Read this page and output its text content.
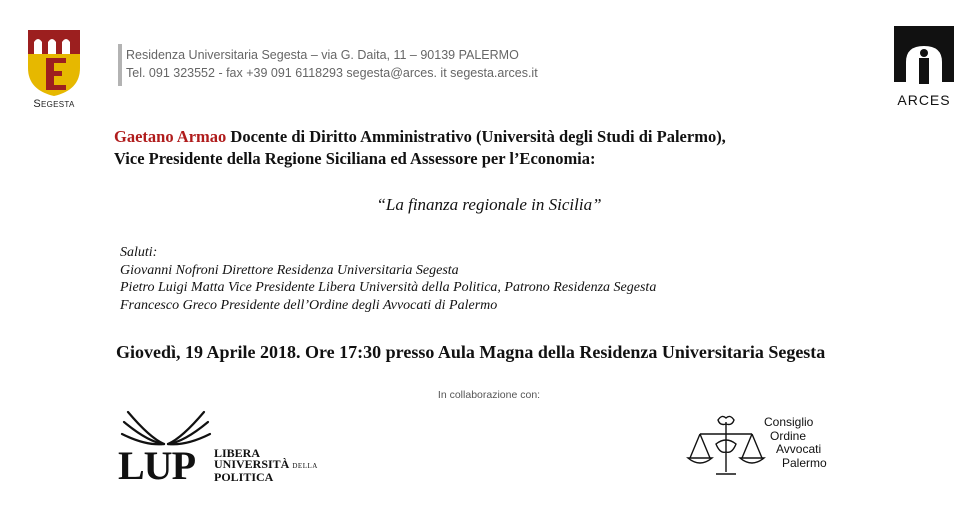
Segesta
Residenza Universitaria Segesta – via G. Daita, 11 – 90139 PALERMO
Tel. 091 323552 - fax +39 091 6118293 segesta@arces. it segesta.arces.it
ARCES
Gaetano Armao Docente di Diritto Amministrativo (Università degli Studi di Palermo),
Vice Presidente della Regione Siciliana ed Assessore per l’Economia:
“La finanza regionale in Sicilia”
Saluti:
Giovanni Nofroni Direttore Residenza Universitaria Segesta
Pietro Luigi Matta Vice Presidente Libera Università della Politica, Patrono Residenza Segesta
Francesco Greco Presidente dell’Ordine degli Avvocati di Palermo
Giovedì, 19 Aprile 2018. Ore 17:30 presso Aula Magna della Residenza Universitaria Segesta
In collaborazione con:
LUP LIBERA
UNIVERSITÀ DELLA
POLITICA
Consiglio
Ordine
Avvocati
Palermo
